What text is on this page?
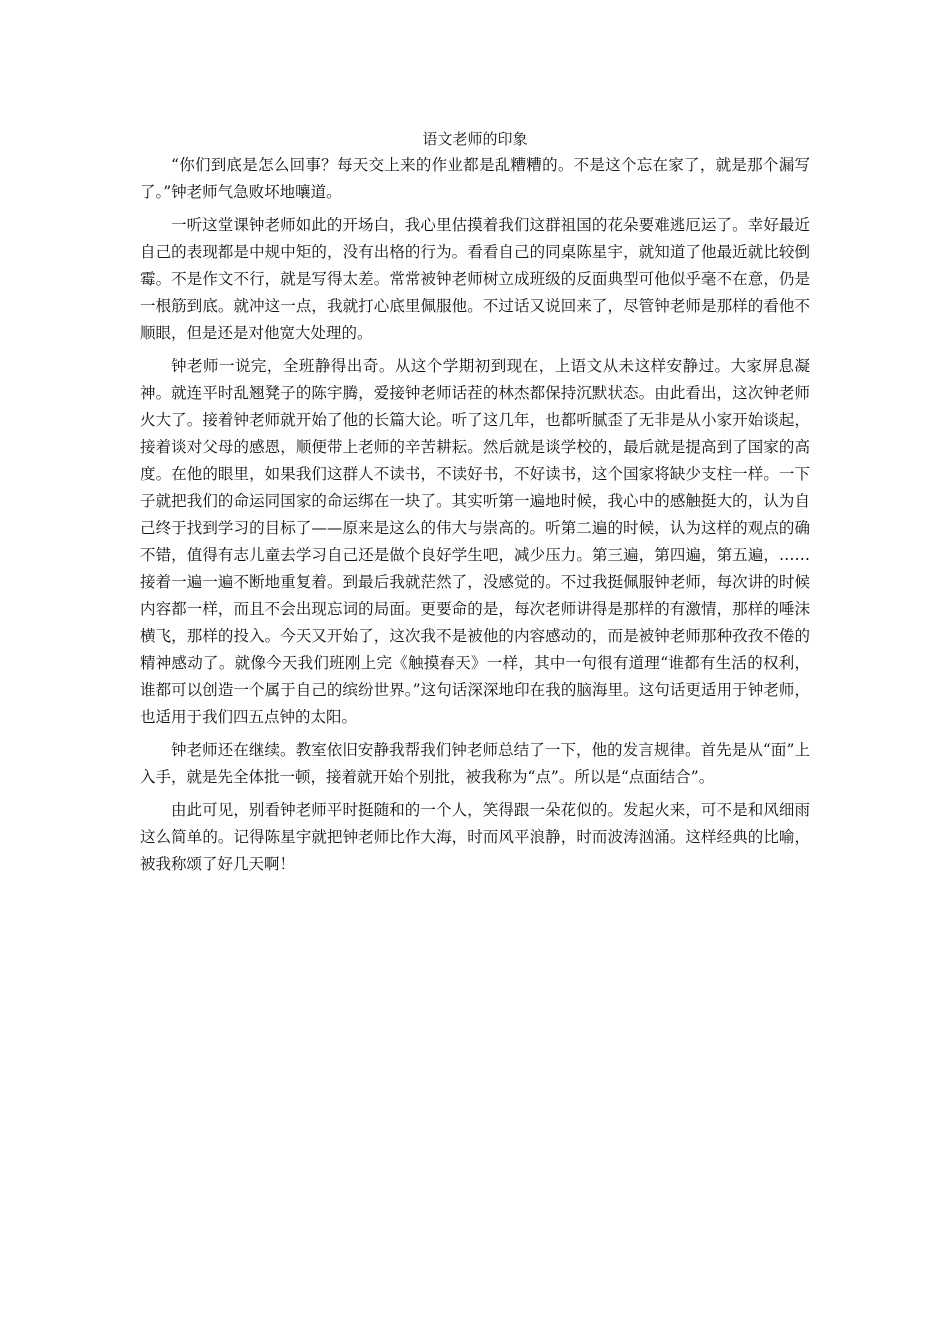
语文老师的印象

“你们到底是怎么回事？每天交上来的作业都是乱糟糟的。不是这个忘在家了，就是那个漏写了。”钟老师气急败坏地嚷道。

一听这堂课钟老师如此的开场白，我心里估摸着我们这群祖国的花朵要难逃厄运了。幸好最近自己的表现都是中规中矩的，没有出格的行为。看看自己的同桌陈星宇，就知道了他最近就比较倒霉。不是作文不行，就是写得太差。常常被钟老师树立成班级的反面典型可他似乎毫不在意，仍是一根筋到底。就冲这一点，我就打心底里佩服他。不过话又说回来了，尽管钟老师是那样的看他不顺眼，但是还是对他宽大处理的。

钟老师一说完，全班静得出奇。从这个学期初到现在，上语文从未这样安静过。大家屏息凝神。就连平时乱翘凳子的陈宇腾，爱接钟老师话茬的林杰都保持沉默状态。由此看出，这次钟老师火大了。接着钟老师就开始了他的长篇大论。听了这几年，也都听腻歪了无非是从小家开始谈起，接着谈对父母的感恩，顺便带上老师的辛苦耕耘。然后就是谈学校的，最后就是提高到了国家的高度。在他的眼里，如果我们这群人不读书，不读好书，不好读书，这个国家将缺少支柱一样。一下子就把我们的命运同国家的命运绑在一块了。其实听第一遍地时候，我心中的感触挺大的，认为自己终于找到学习的目标了——原来是这么的伟大与崇高的。听第二遍的时候，认为这样的观点的确不错，值得有志儿童去学习自己还是做个良好学生吧，减少压力。第三遍，第四遍，第五遍，……接着一遍一遍不断地重复着。到最后我就茫然了，没感觉的。不过我挺佩服钟老师，每次讲的时候内容都一样，而且不会出现忘词的局面。更要命的是，每次老师讲得是那样的有激情，那样的唾沫横飞，那样的投入。今天又开始了，这次我不是被他的内容感动的，而是被钟老师那种孜孜不倦的精神感动了。就像今天我们班刚上完《触摸春天》一样，其中一句很有道理“谁都有生活的权利，谁都可以创造一个属于自己的缤纷世界。”这句话深深地印在我的脑海里。这句话更适用于钟老师，也适用于我们四五点钟的太阳。

钟老师还在继续。教室依旧安静我帮我们钟老师总结了一下，他的发言规律。首先是从“面”上入手，就是先全体批一顿，接着就开始个别批，被我称为“点”。所以是“点面结合”。

由此可见，别看钟老师平时挺随和的一个人，笑得跟一朵花似的。发起火来，可不是和风细雨这么简单的。记得陈星宇就把钟老师比作大海，时而风平浪静，时而波涛汹涌。这样经典的比喻，被我称颂了好几天啊！
